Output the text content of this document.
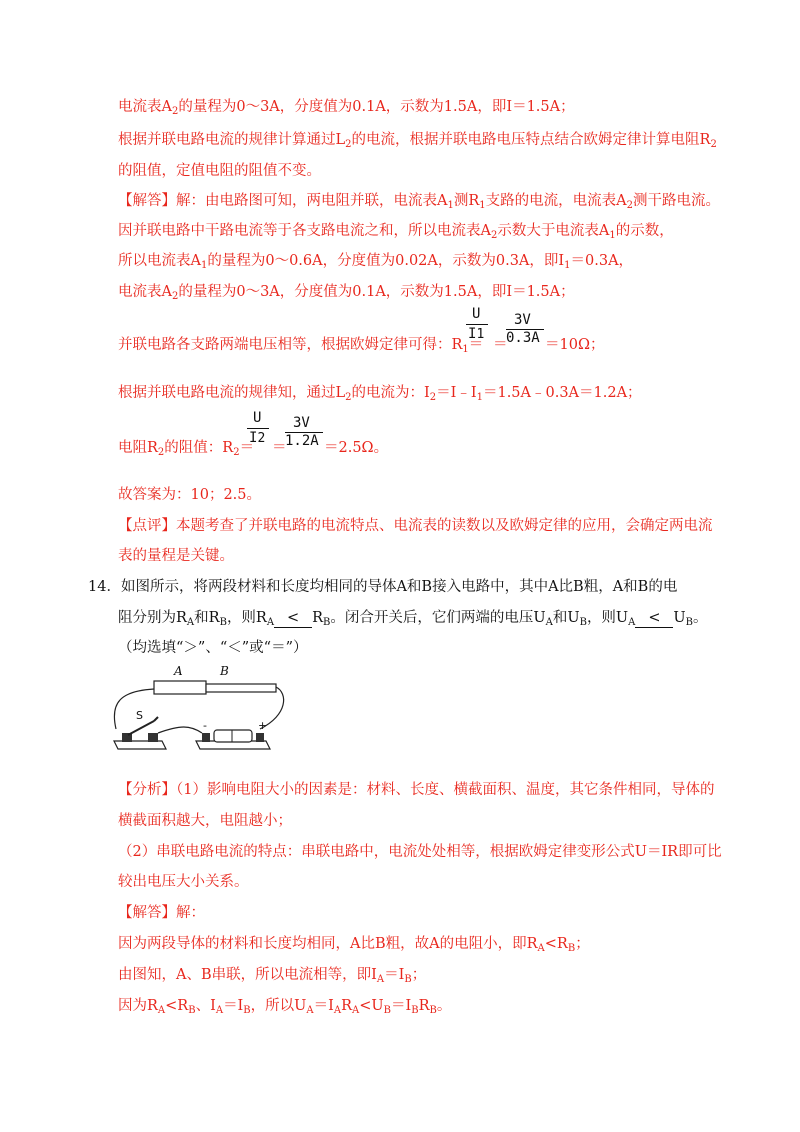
电流表$A_2$的量程为0～3A，分度值为0.1A，示数为1.5A，即I＝1.5A；
根据并联电路电流的规律计算通过$L_2$的电流，根据并联电路电压特点结合欧姆定律计算电阻$R_2$
的阻值，定值电阻的阻值不变。
【解答】解：由电路图可知，两电阻并联，电流表$A_1$测$R_1$支路的电流，电流表$A_2$测干路电流。
因并联电路中干路电流等于各支路电流之和，所以电流表$A_2$示数大于电流表$A_1$的示数，
所以电流表$A_1$的量程为0～0.6A，分度值为0.02A，示数为0.3A，即$I_1=0.3A$，
电流表$A_2$的量程为0～3A，分度值为0.1A，示数为1.5A，即I＝1.5A；
并联电路各支路两端电压相等，根据欧姆定律可得：$R_1=$
U
I1
＝
3V
0.3A ＝10Ω；
根据并联电路电流的规律知，通过$L_2$的电流为：$I_2=I﹣I_1=1.5A﹣0.3A=1.2A$；
电阻$R_2$的阻值：$R_2=$
U
I2
＝
3V
1.2A ＝2.5Ω。
故答案为：10；2.5。
【点评】本题考查了并联电路的电流特点、电流表的读数以及欧姆定律的应用，会确定两电流
表的量程是关键。
14．如图所示，将两段材料和长度均相同的导体A和B接入电路中，其中A比B粗，A和B的电
阻分别为$R_A$和$R_B$，则$R_A < R_B$。闭合开关后，它们两端的电压$U_A$和$U_B$，则$U_A < U_B$。
（均选填“＞”、“＜”或“＝”）
A	B
S
-	+
【分析】（1）影响电阻大小的因素是：材料、长度、横截面积、温度，其它条件相同，导体的
横截面积越大，电阻越小；
（2）串联电路电流的特点：串联电路中，电流处处相等，根据欧姆定律变形公式U＝IR即可比
较出电压大小关系。
【解答】解：
因为两段导体的材料和长度均相同，A比B粗，故A的电阻小，即$R_A<R_B$；
由图知，A、B串联，所以电流相等，即$I_A=I_B$；
因为$R_A<R_B$、$I_A=I_B$，所以$U_A=I_AR_A<U_B=I_BR_B$。
